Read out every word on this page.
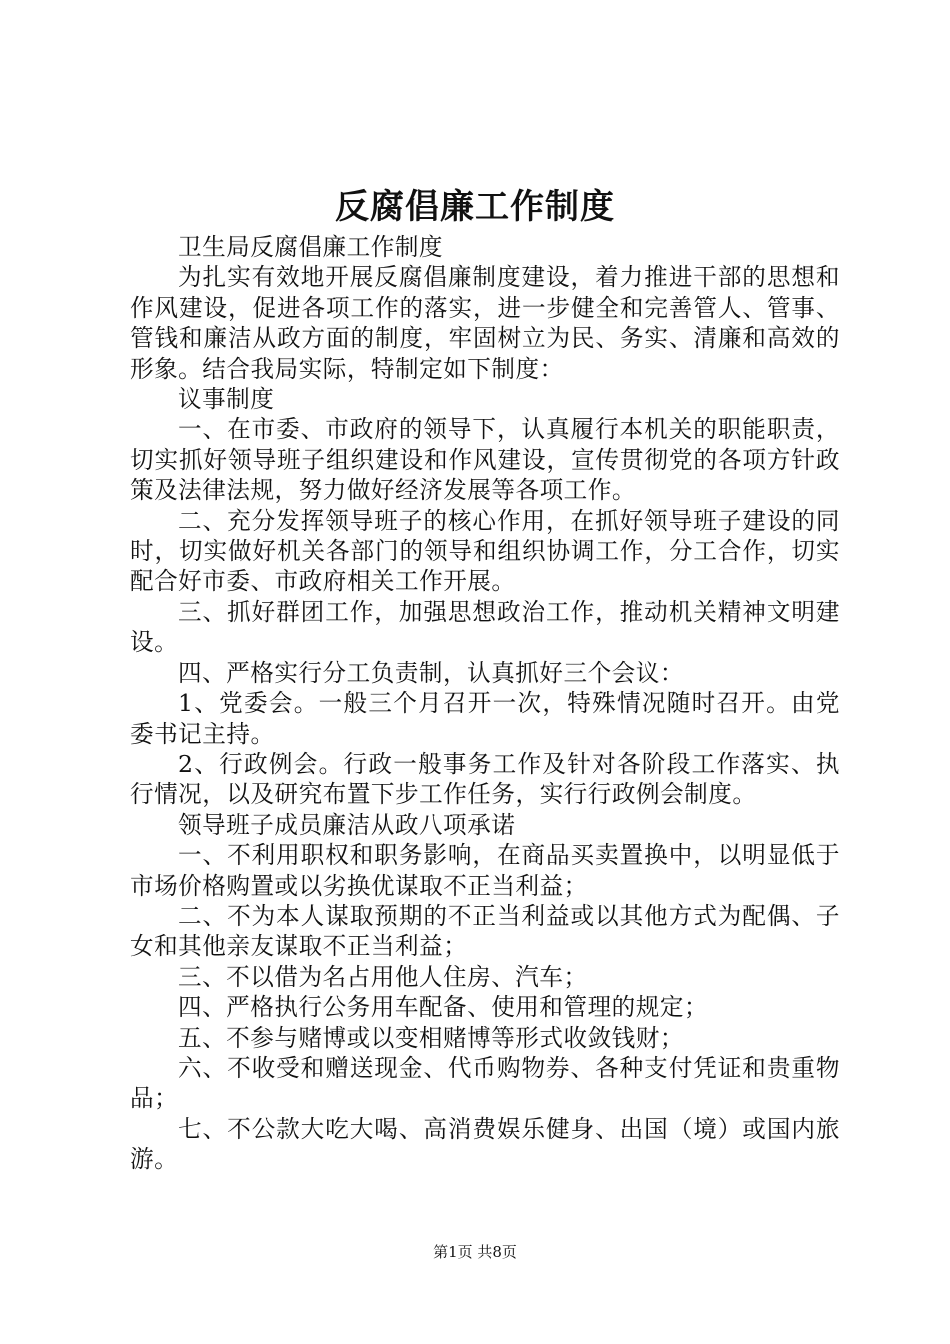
反腐倡廉工作制度

卫生局反腐倡廉工作制度

为扎实有效地开展反腐倡廉制度建设，着力推进干部的思想和作风建设，促进各项工作的落实，进一步健全和完善管人、管事、管钱和廉洁从政方面的制度，牢固树立为民、务实、清廉和高效的形象。结合我局实际，特制定如下制度：

议事制度

一、在市委、市政府的领导下，认真履行本机关的职能职责，切实抓好领导班子组织建设和作风建设，宣传贯彻党的各项方针政策及法律法规，努力做好经济发展等各项工作。

二、充分发挥领导班子的核心作用，在抓好领导班子建设的同时，切实做好机关各部门的领导和组织协调工作，分工合作，切实配合好市委、市政府相关工作开展。

三、抓好群团工作，加强思想政治工作，推动机关精神文明建设。

四、严格实行分工负责制，认真抓好三个会议：

1、党委会。一般三个月召开一次，特殊情况随时召开。由党委书记主持。

2、行政例会。行政一般事务工作及针对各阶段工作落实、执行情况，以及研究布置下步工作任务，实行行政例会制度。

领导班子成员廉洁从政八项承诺

一、不利用职权和职务影响，在商品买卖置换中，以明显低于市场价格购置或以劣换优谋取不正当利益；

二、不为本人谋取预期的不正当利益或以其他方式为配偶、子女和其他亲友谋取不正当利益；

三、不以借为名占用他人住房、汽车；

四、严格执行公务用车配备、使用和管理的规定；

五、不参与赌博或以变相赌博等形式收敛钱财；

六、不收受和赠送现金、代币购物券、各种支付凭证和贵重物品；

七、不公款大吃大喝、高消费娱乐健身、出国（境）或国内旅游。

第1页 共8页
